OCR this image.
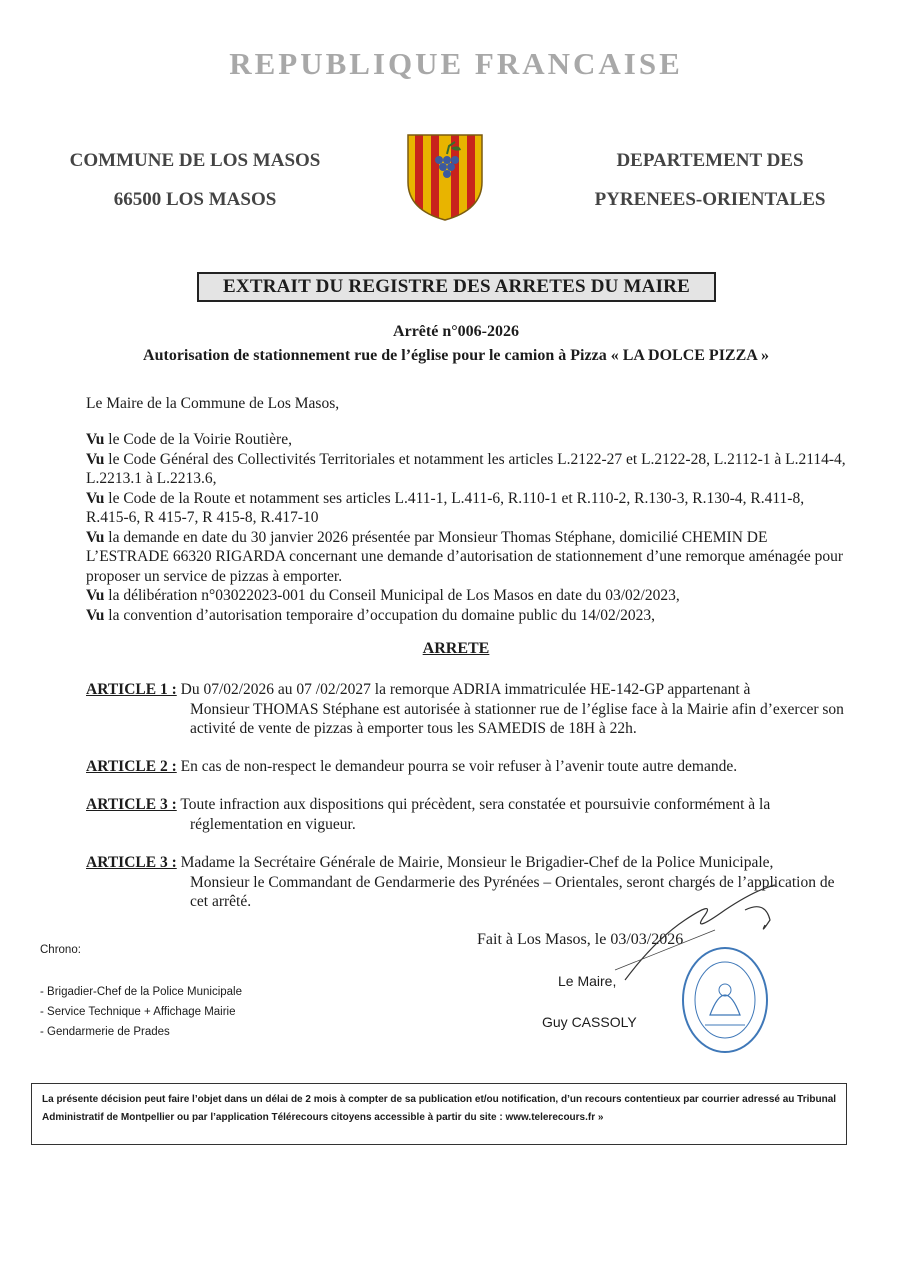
REPUBLIQUE FRANCAISE
COMMUNE DE LOS MASOS
66500 LOS MASOS
DEPARTEMENT DES
PYRENEES-ORIENTALES
EXTRAIT DU REGISTRE DES ARRETES DU MAIRE
Arrêté n°006-2026
Autorisation de stationnement rue de l’église pour le camion à Pizza « LA DOLCE PIZZA »
Le Maire de la Commune de Los Masos,

Vu le Code de la Voirie Routière,

Vu le Code Général des Collectivités Territoriales et notamment les articles L.2122-27 et L.2122-28, L.2112-1 à L.2114-4, L.2213.1 à L.2213.6,

Vu le Code de la Route et notamment ses articles L.411-1, L.411-6, R.110-1 et R.110-2, R.130-3, R.130-4, R.411-8, R.415-6, R 415-7, R 415-8, R.417-10

Vu la demande en date du 30 janvier 2026 présentée par Monsieur Thomas Stéphane, domicilié CHEMIN DE L’ESTRADE 66320 RIGARDA concernant une demande d’autorisation de stationnement d’une remorque aménagée pour proposer un service de pizzas à emporter.

Vu la délibération n°03022023-001 du Conseil Municipal de Los Masos en date du 03/02/2023,

Vu la convention d’autorisation temporaire d’occupation du domaine public du 14/02/2023,

ARRETE
ARTICLE 1 : Du 07/02/2026 au 07 /02/2027 la remorque ADRIA immatriculée HE-142-GP appartenant à
Monsieur THOMAS Stéphane est autorisée à stationner rue de l’église face à la Mairie afin d’exercer son activité de vente de pizzas à emporter tous les SAMEDIS de 18H à 22h.
ARTICLE 2 : En cas de non-respect le demandeur pourra se voir refuser à l’avenir toute autre demande.
ARTICLE 3 : Toute infraction aux dispositions qui précèdent, sera constatée et poursuivie conformément à la
réglementation en vigueur.
ARTICLE 3 : Madame la Secrétaire Générale de Mairie, Monsieur le Brigadier-Chef de la Police Municipale,
Monsieur le Commandant de Gendarmerie des Pyrénées – Orientales, seront chargés de l’application de cet arrêté.
Fait à Los Masos, le 03/03/2026
Le Maire,
Guy CASSOLY
Chrono:
- Brigadier-Chef de la Police Municipale
- Service Technique + Affichage Mairie
- Gendarmerie de Prades
La présente décision peut faire l’objet dans un délai de 2 mois à compter de sa publication et/ou notification, d’un recours contentieux par courrier adressé au Tribunal Administratif de Montpellier ou par l’application Télérecours citoyens accessible à partir du site : www.telerecours.fr »
